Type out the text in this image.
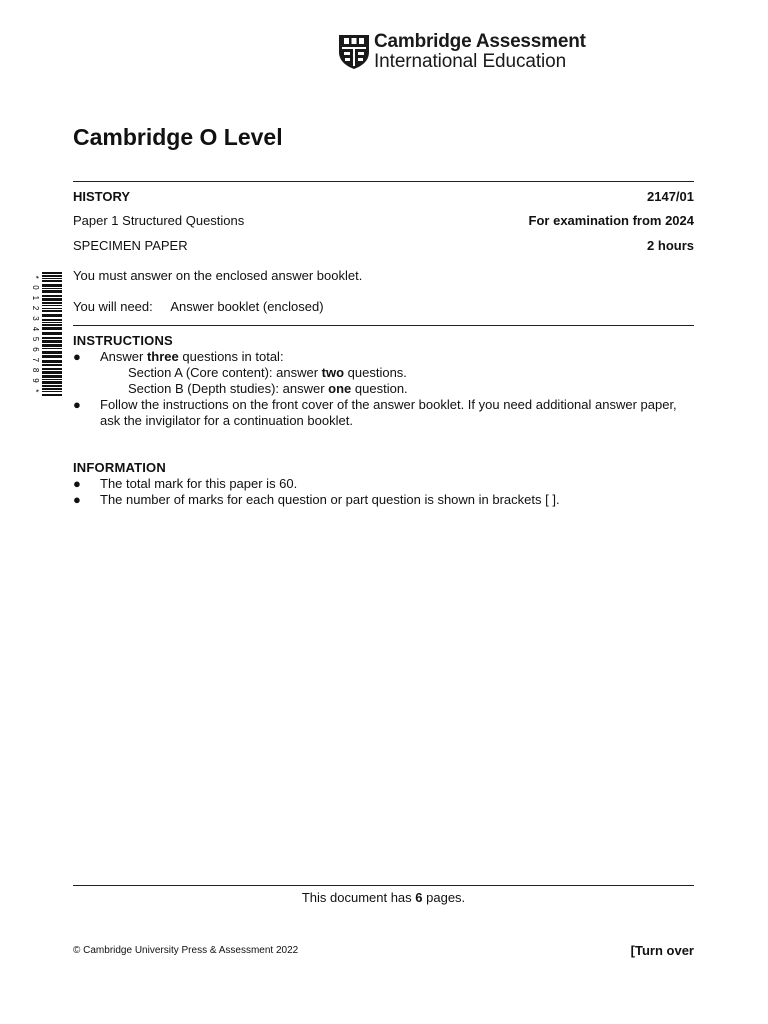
Cambridge Assessment
International Education
Cambridge O Level
HISTORY	2147/01
Paper 1 Structured Questions	For examination from 2024
SPECIMEN PAPER	2 hours
*
0
1
2
3
4
5
6
7
8
9
*
You must answer on the enclosed answer booklet.
You will need: Answer booklet (enclosed)
INSTRUCTIONS
● Answer three questions in total:
Section A (Core content): answer two questions.
Section B (Depth studies): answer one question.
● Follow the instructions on the front cover of the answer booklet. If you need additional answer paper,
ask the invigilator for a continuation booklet.
INFORMATION
● The total mark for this paper is 60.
● The number of marks for each question or part question is shown in brackets [ ].
This document has 6 pages.
© Cambridge University Press & Assessment 2022	[Turn over
